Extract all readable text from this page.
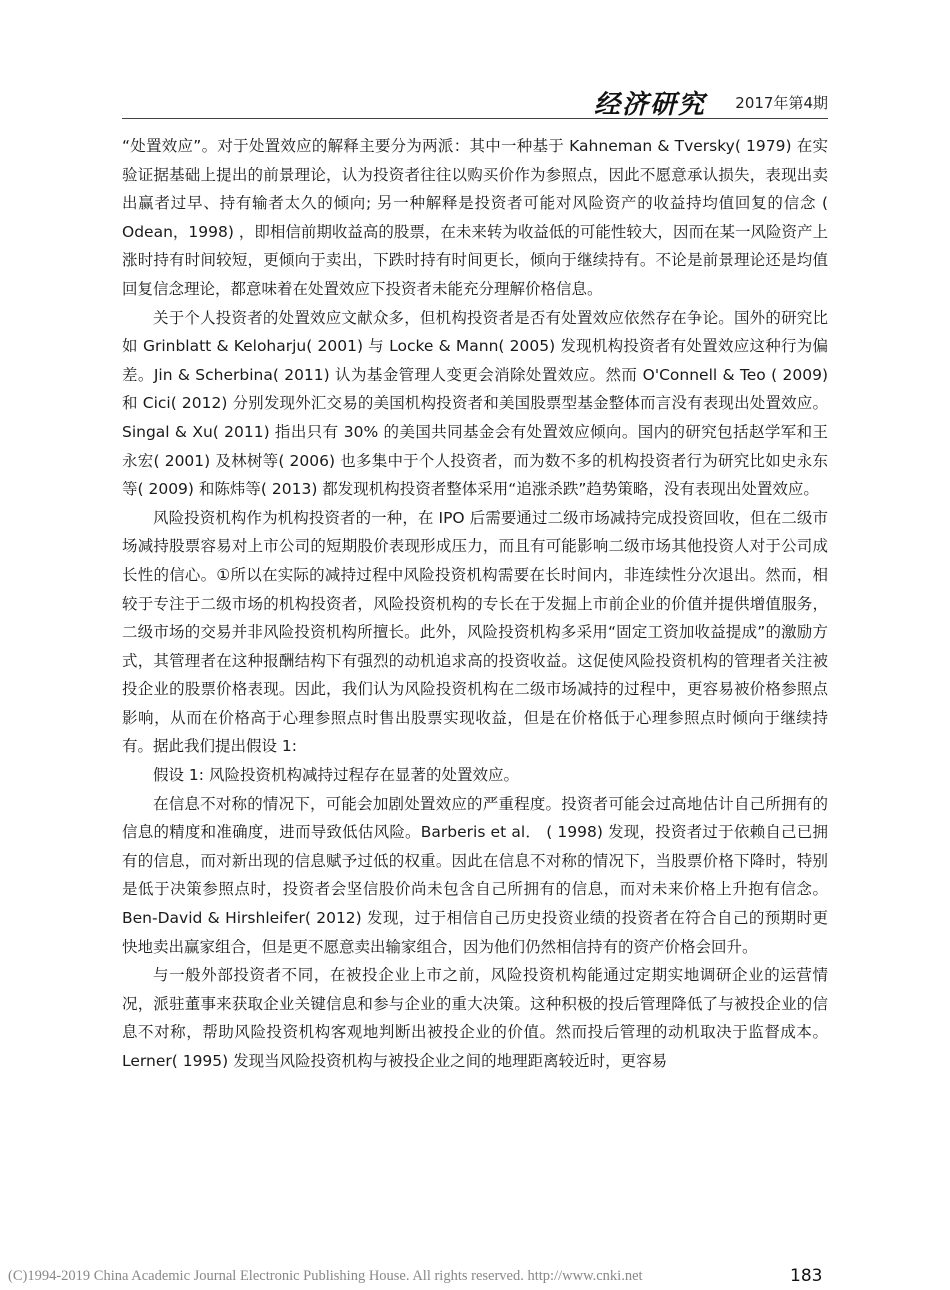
经济研究 2017年第4期

“处置效应”。对于处置效应的解释主要分为两派：其中一种基于 Kahneman & Tversky( 1979) 在实验证据基础上提出的前景理论，认为投资者往往以购买价作为参照点，因此不愿意承认损失，表现出卖出赢者过早、持有输者太久的倾向; 另一种解释是投资者可能对风险资产的收益持均值回复的信念 ( Odean，1998) ，即相信前期收益高的股票，在未来转为收益低的可能性较大，因而在某一风险资产上涨时持有时间较短，更倾向于卖出，下跌时持有时间更长，倾向于继续持有。不论是前景理论还是均值回复信念理论，都意味着在处置效应下投资者未能充分理解价格信息。

关于个人投资者的处置效应文献众多，但机构投资者是否有处置效应依然存在争论。国外的研究比如 Grinblatt & Keloharju( 2001) 与 Locke & Mann( 2005) 发现机构投资者有处置效应这种行为偏差。Jin & Scherbina( 2011) 认为基金管理人变更会消除处置效应。然而 O'Connell & Teo ( 2009) 和 Cici( 2012) 分别发现外汇交易的美国机构投资者和美国股票型基金整体而言没有表现出处置效应。Singal & Xu( 2011) 指出只有 30% 的美国共同基金会有处置效应倾向。国内的研究包括赵学军和王永宏( 2001) 及林树等( 2006) 也多集中于个人投资者，而为数不多的机构投资者行为研究比如史永东等( 2009) 和陈炜等( 2013) 都发现机构投资者整体采用“追涨杀跌”趋势策略，没有表现出处置效应。

风险投资机构作为机构投资者的一种，在 IPO 后需要通过二级市场减持完成投资回收，但在二级市场减持股票容易对上市公司的短期股价表现形成压力，而且有可能影响二级市场其他投资人对于公司成长性的信心。①所以在实际的减持过程中风险投资机构需要在长时间内，非连续性分次退出。然而，相较于专注于二级市场的机构投资者，风险投资机构的专长在于发掘上市前企业的价值并提供增值服务，二级市场的交易并非风险投资机构所擅长。此外，风险投资机构多采用“固定工资加收益提成”的激励方式，其管理者在这种报酬结构下有强烈的动机追求高的投资收益。这促使风险投资机构的管理者关注被投企业的股票价格表现。因此，我们认为风险投资机构在二级市场减持的过程中，更容易被价格参照点影响，从而在价格高于心理参照点时售出股票实现收益，但是在价格低于心理参照点时倾向于继续持有。据此我们提出假设 1:

假设 1: 风险投资机构减持过程存在显著的处置效应。

在信息不对称的情况下，可能会加剧处置效应的严重程度。投资者可能会过高地估计自己所拥有的信息的精度和准确度，进而导致低估风险。Barberis et al． ( 1998) 发现，投资者过于依赖自己已拥有的信息，而对新出现的信息赋予过低的权重。因此在信息不对称的情况下，当股票价格下降时，特别是低于决策参照点时，投资者会坚信股价尚未包含自己所拥有的信息，而对未来价格上升抱有信念。Ben-David & Hirshleifer( 2012) 发现，过于相信自己历史投资业绩的投资者在符合自己的预期时更快地卖出赢家组合，但是更不愿意卖出输家组合，因为他们仍然相信持有的资产价格会回升。

与一般外部投资者不同，在被投企业上市之前，风险投资机构能通过定期实地调研企业的运营情况，派驻董事来获取企业关键信息和参与企业的重大决策。这种积极的投后管理降低了与被投企业的信息不对称，帮助风险投资机构客观地判断出被投企业的价值。然而投后管理的动机取决于监督成本。Lerner( 1995) 发现当风险投资机构与被投企业之间的地理距离较近时，更容易

(C)1994-2019 China Academic Journal Electronic Publishing House. All rights reserved. http://www.cnki.net	183
